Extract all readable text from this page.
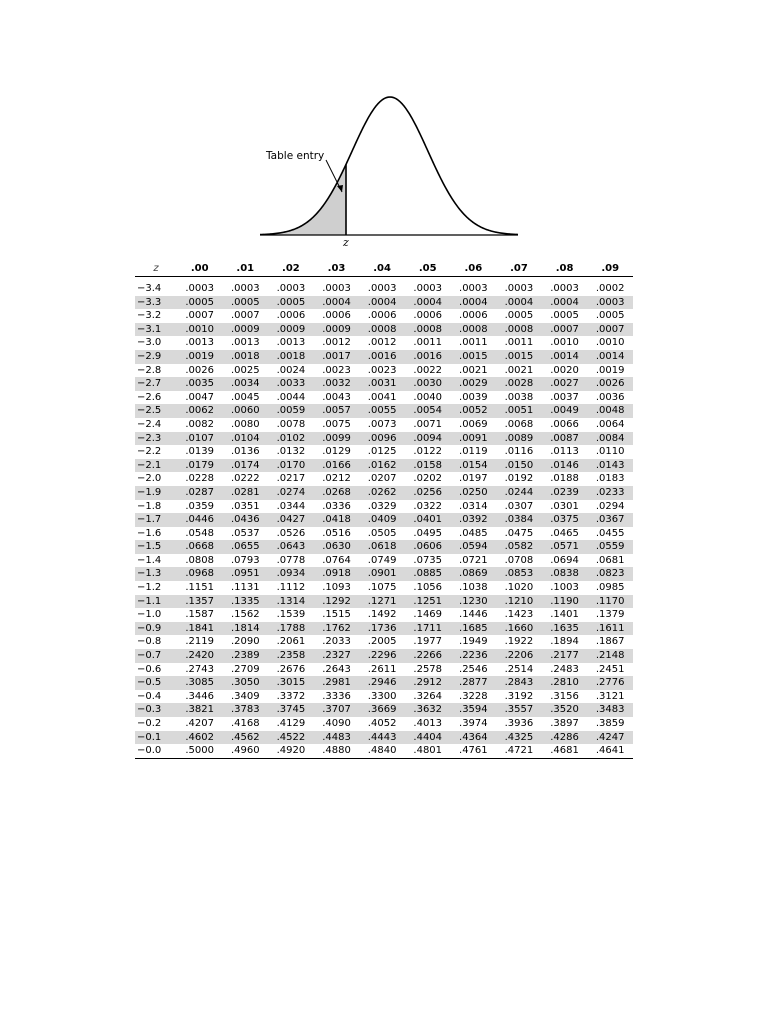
Table entry
z
z	.00	.01	.02	.03	.04	.05	.06	.07	.08	.09
−3.4	.0003	.0003	.0003	.0003	.0003	.0003	.0003	.0003	.0003	.0002
−3.3	.0005	.0005	.0005	.0004	.0004	.0004	.0004	.0004	.0004	.0003
−3.2	.0007	.0007	.0006	.0006	.0006	.0006	.0006	.0005	.0005	.0005
−3.1	.0010	.0009	.0009	.0009	.0008	.0008	.0008	.0008	.0007	.0007
−3.0	.0013	.0013	.0013	.0012	.0012	.0011	.0011	.0011	.0010	.0010
−2.9	.0019	.0018	.0018	.0017	.0016	.0016	.0015	.0015	.0014	.0014
−2.8	.0026	.0025	.0024	.0023	.0023	.0022	.0021	.0021	.0020	.0019
−2.7	.0035	.0034	.0033	.0032	.0031	.0030	.0029	.0028	.0027	.0026
−2.6	.0047	.0045	.0044	.0043	.0041	.0040	.0039	.0038	.0037	.0036
−2.5	.0062	.0060	.0059	.0057	.0055	.0054	.0052	.0051	.0049	.0048
−2.4	.0082	.0080	.0078	.0075	.0073	.0071	.0069	.0068	.0066	.0064
−2.3	.0107	.0104	.0102	.0099	.0096	.0094	.0091	.0089	.0087	.0084
−2.2	.0139	.0136	.0132	.0129	.0125	.0122	.0119	.0116	.0113	.0110
−2.1	.0179	.0174	.0170	.0166	.0162	.0158	.0154	.0150	.0146	.0143
−2.0	.0228	.0222	.0217	.0212	.0207	.0202	.0197	.0192	.0188	.0183
−1.9	.0287	.0281	.0274	.0268	.0262	.0256	.0250	.0244	.0239	.0233
−1.8	.0359	.0351	.0344	.0336	.0329	.0322	.0314	.0307	.0301	.0294
−1.7	.0446	.0436	.0427	.0418	.0409	.0401	.0392	.0384	.0375	.0367
−1.6	.0548	.0537	.0526	.0516	.0505	.0495	.0485	.0475	.0465	.0455
−1.5	.0668	.0655	.0643	.0630	.0618	.0606	.0594	.0582	.0571	.0559
−1.4	.0808	.0793	.0778	.0764	.0749	.0735	.0721	.0708	.0694	.0681
−1.3	.0968	.0951	.0934	.0918	.0901	.0885	.0869	.0853	.0838	.0823
−1.2	.1151	.1131	.1112	.1093	.1075	.1056	.1038	.1020	.1003	.0985
−1.1	.1357	.1335	.1314	.1292	.1271	.1251	.1230	.1210	.1190	.1170
−1.0	.1587	.1562	.1539	.1515	.1492	.1469	.1446	.1423	.1401	.1379
−0.9	.1841	.1814	.1788	.1762	.1736	.1711	.1685	.1660	.1635	.1611
−0.8	.2119	.2090	.2061	.2033	.2005	.1977	.1949	.1922	.1894	.1867
−0.7	.2420	.2389	.2358	.2327	.2296	.2266	.2236	.2206	.2177	.2148
−0.6	.2743	.2709	.2676	.2643	.2611	.2578	.2546	.2514	.2483	.2451
−0.5	.3085	.3050	.3015	.2981	.2946	.2912	.2877	.2843	.2810	.2776
−0.4	.3446	.3409	.3372	.3336	.3300	.3264	.3228	.3192	.3156	.3121
−0.3	.3821	.3783	.3745	.3707	.3669	.3632	.3594	.3557	.3520	.3483
−0.2	.4207	.4168	.4129	.4090	.4052	.4013	.3974	.3936	.3897	.3859
−0.1	.4602	.4562	.4522	.4483	.4443	.4404	.4364	.4325	.4286	.4247
−0.0	.5000	.4960	.4920	.4880	.4840	.4801	.4761	.4721	.4681	.4641
